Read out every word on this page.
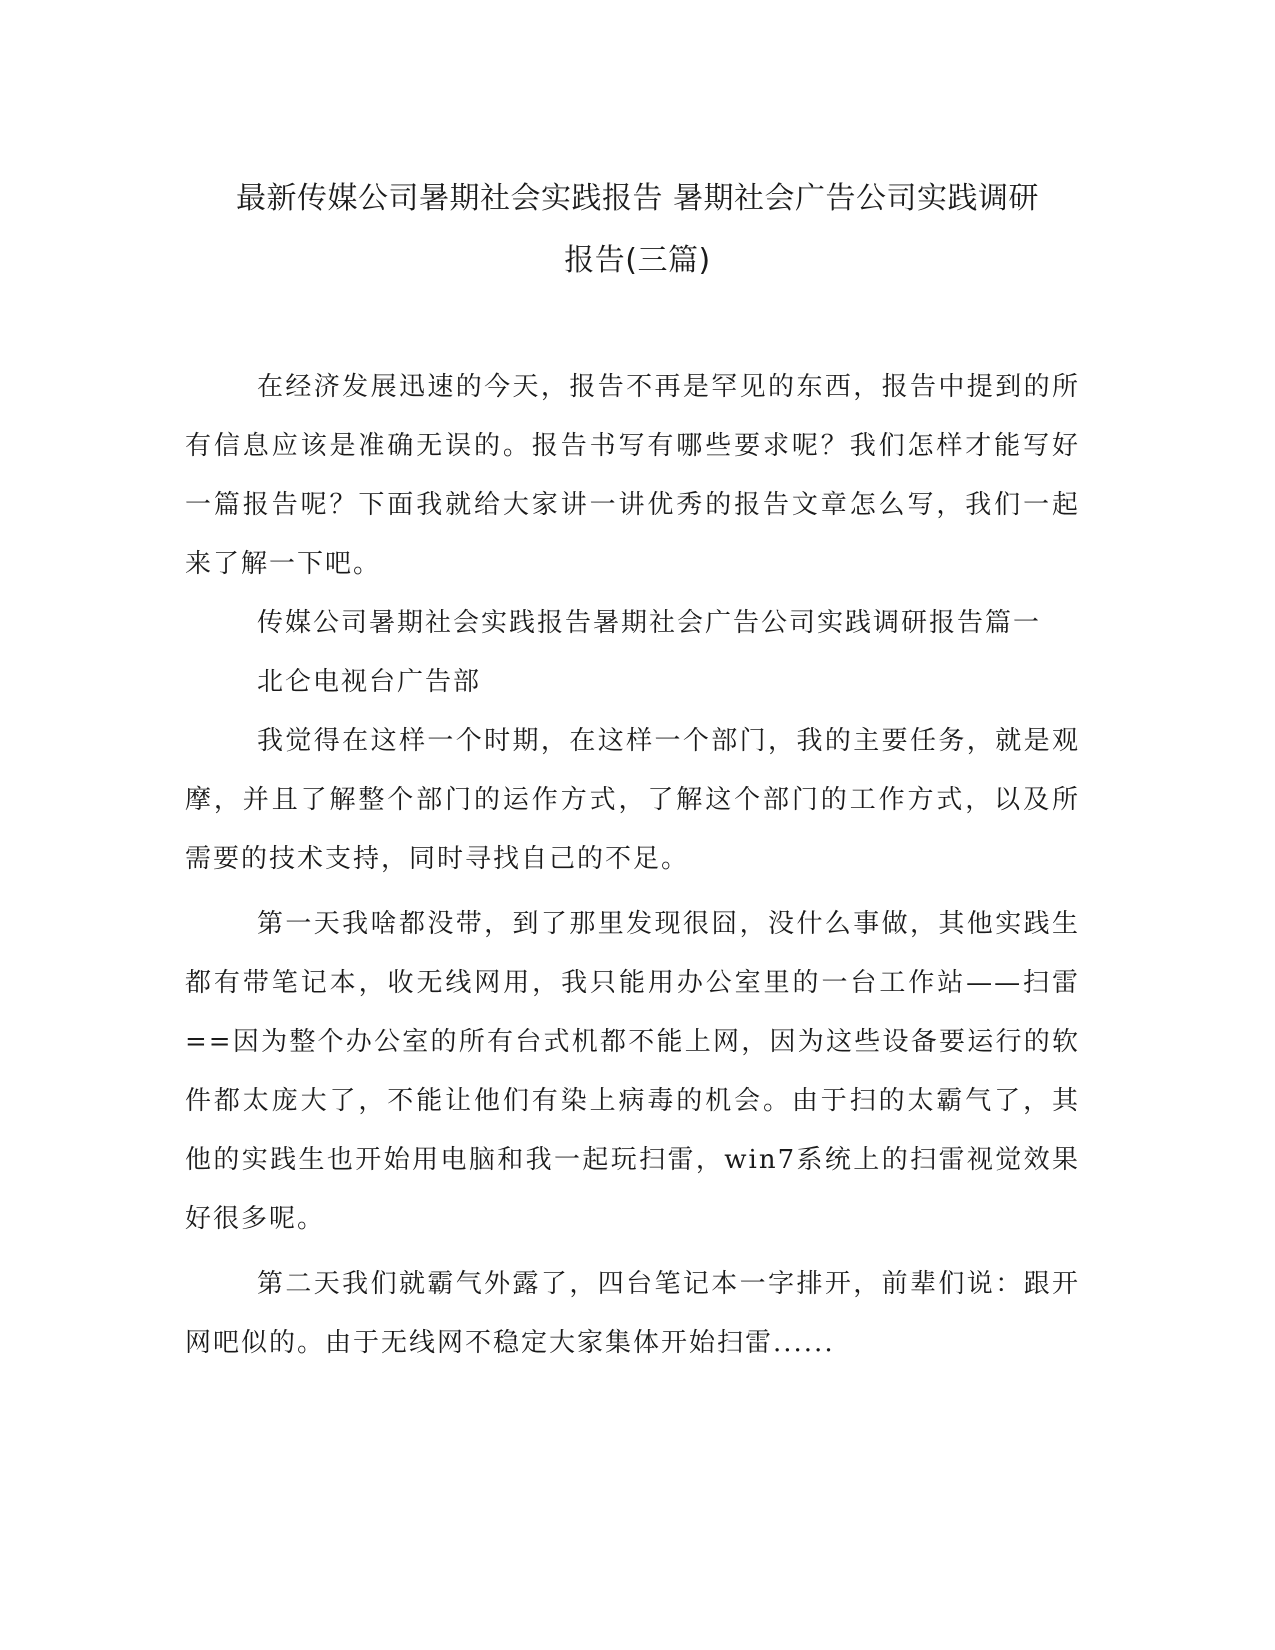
最新传媒公司暑期社会实践报告 暑期社会广告公司实践调研
报告(三篇)

在经济发展迅速的今天，报告不再是罕见的东西，报告中提到的所有信息应该是准确无误的。报告书写有哪些要求呢？我们怎样才能写好一篇报告呢？下面我就给大家讲一讲优秀的报告文章怎么写，我们一起来了解一下吧。

传媒公司暑期社会实践报告暑期社会广告公司实践调研报告篇一

北仑电视台广告部

我觉得在这样一个时期，在这样一个部门，我的主要任务，就是观摩，并且了解整个部门的运作方式，了解这个部门的工作方式，以及所需要的技术支持，同时寻找自己的不足。

第一天我啥都没带，到了那里发现很囧，没什么事做，其他实践生都有带笔记本，收无线网用，我只能用办公室里的一台工作站——扫雷==因为整个办公室的所有台式机都不能上网，因为这些设备要运行的软件都太庞大了，不能让他们有染上病毒的机会。由于扫的太霸气了，其他的实践生也开始用电脑和我一起玩扫雷，win7系统上的扫雷视觉效果好很多呢。

第二天我们就霸气外露了，四台笔记本一字排开，前辈们说：跟开网吧似的。由于无线网不稳定大家集体开始扫雷......
